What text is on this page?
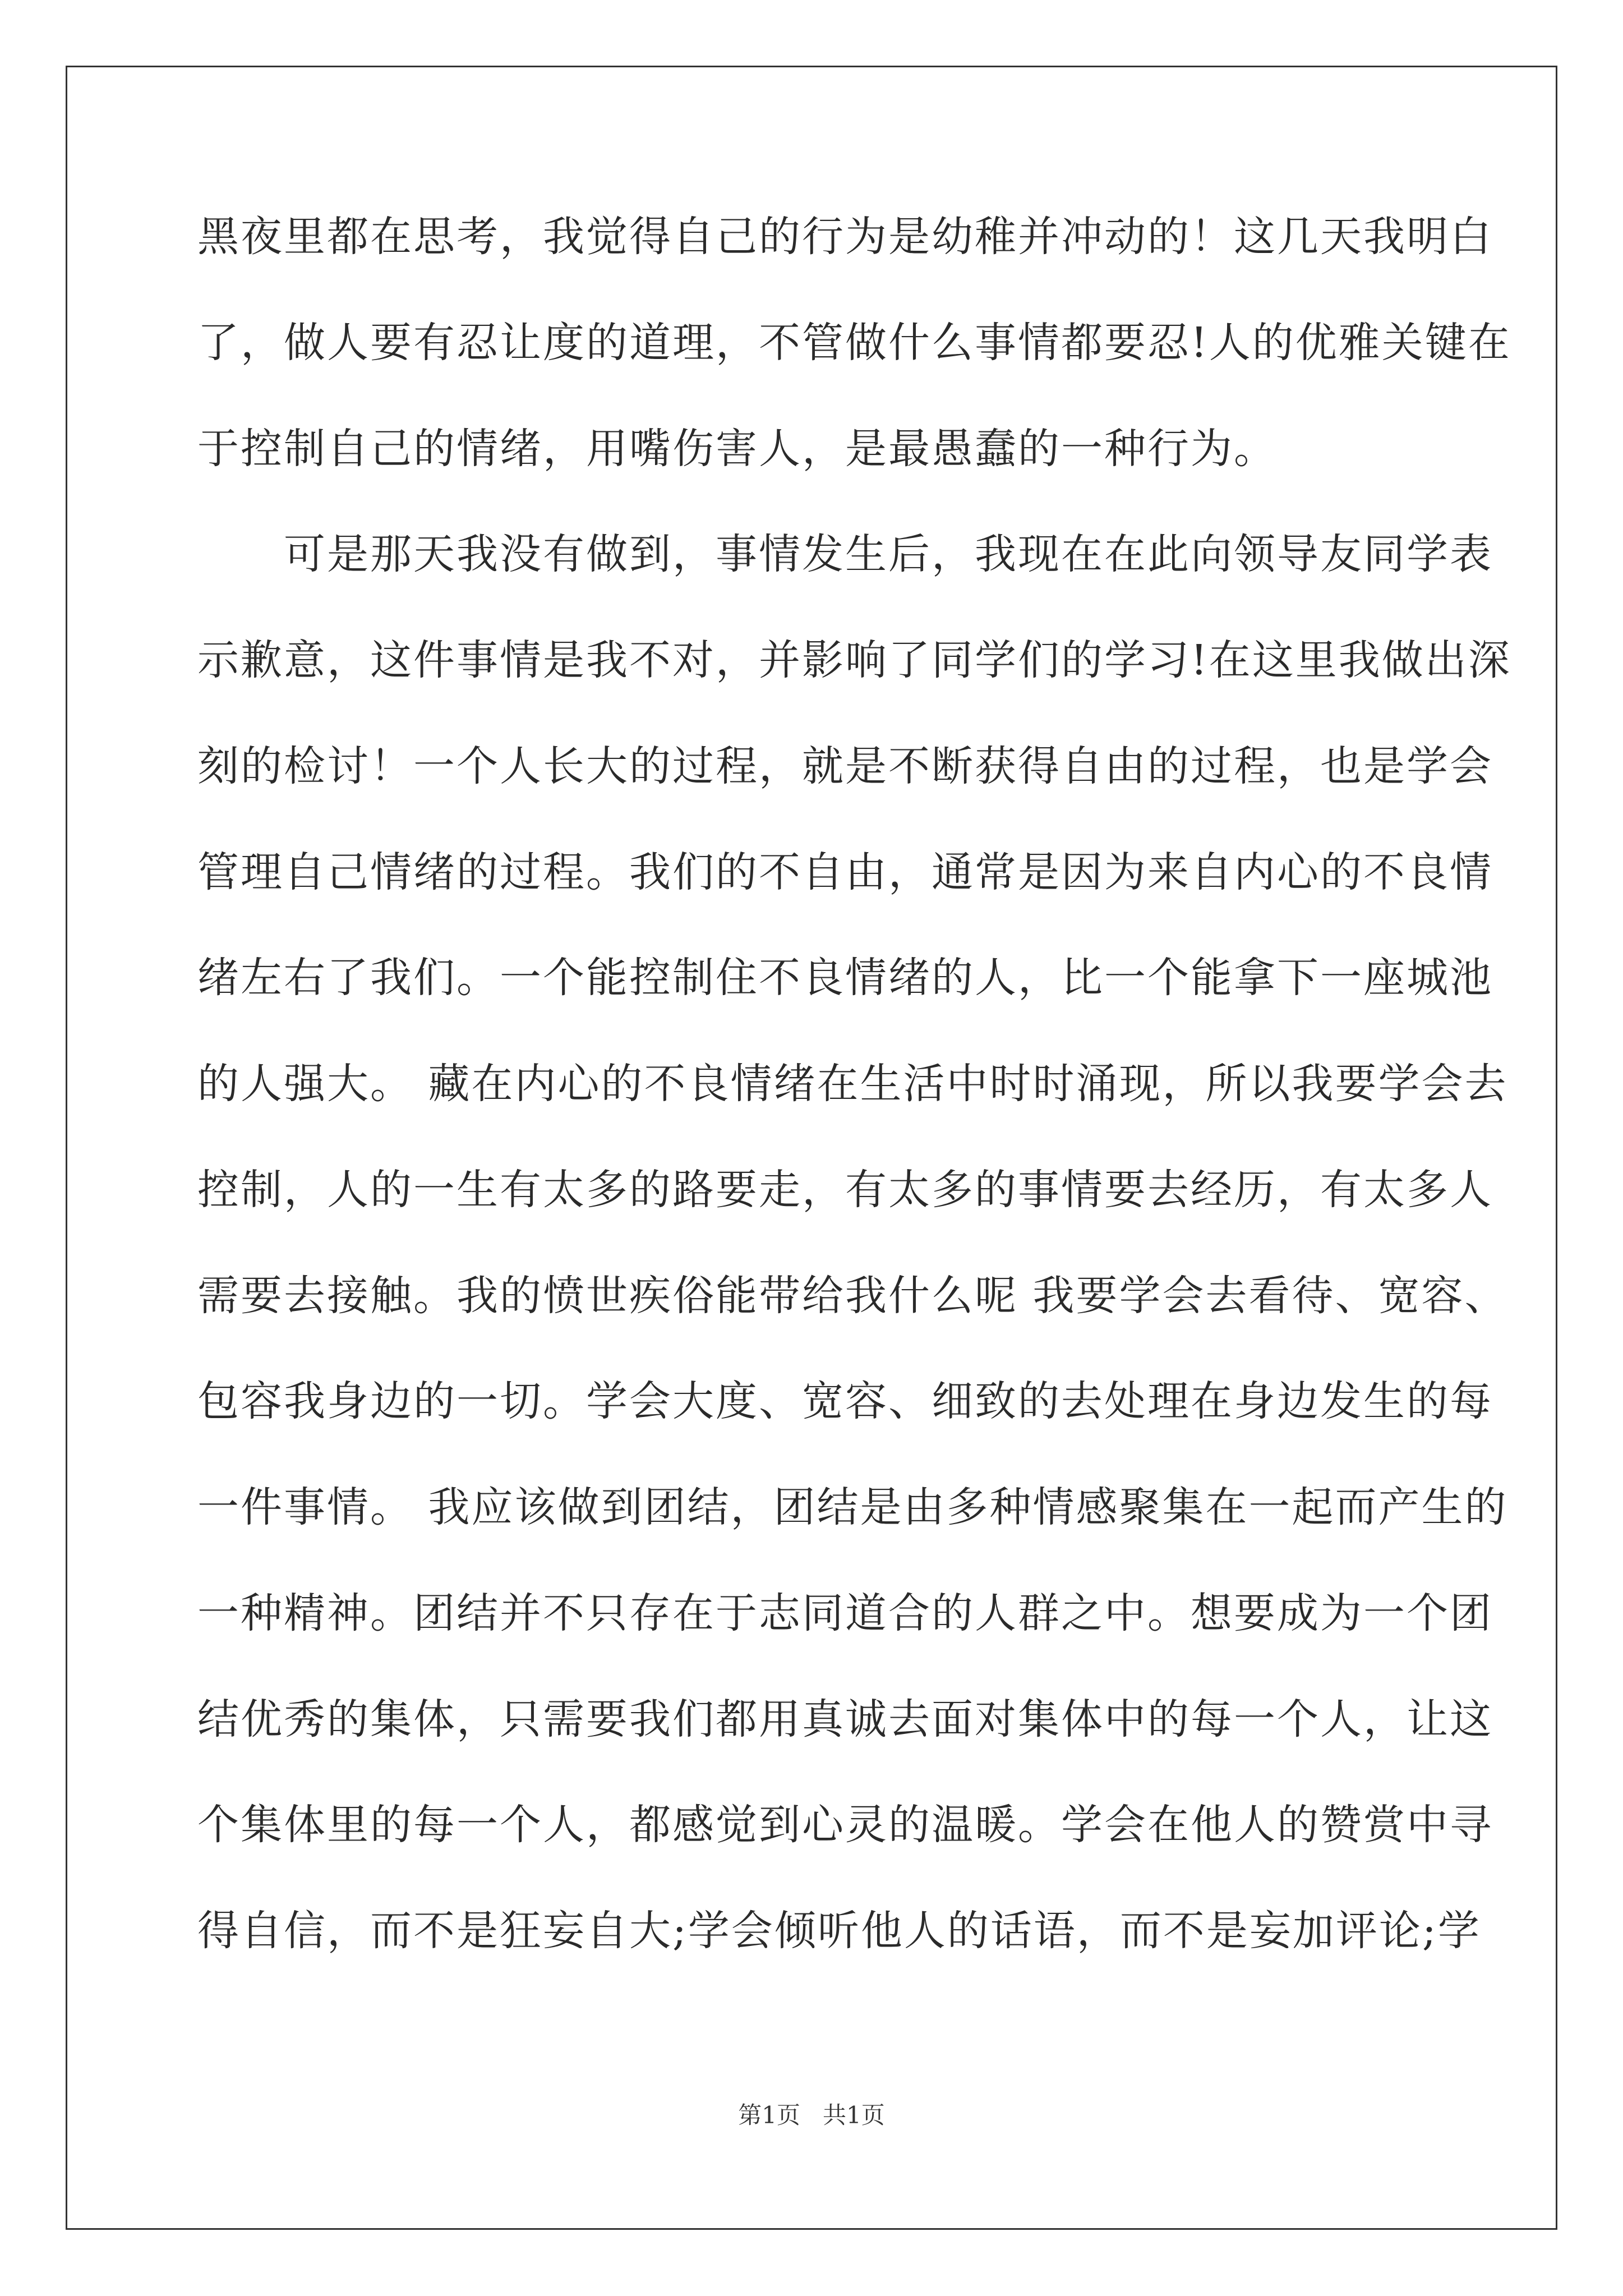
黑夜里都在思考，我觉得自己的行为是幼稚并冲动的！这几天我明白
了，做人要有忍让度的道理，不管做什么事情都要忍!人的优雅关键在
于控制自己的情绪，用嘴伤害人，是最愚蠢的一种行为。
　　可是那天我没有做到，事情发生后，我现在在此向领导友同学表
示歉意，这件事情是我不对，并影响了同学们的学习!在这里我做出深
刻的检讨！一个人长大的过程，就是不断获得自由的过程，也是学会
管理自己情绪的过程。我们的不自由，通常是因为来自内心的不良情
绪左右了我们。一个能控制住不良情绪的人，比一个能拿下一座城池
的人强大。 藏在内心的不良情绪在生活中时时涌现，所以我要学会去
控制，人的一生有太多的路要走，有太多的事情要去经历，有太多人
需要去接触。我的愤世疾俗能带给我什么呢 我要学会去看待、宽容、
包容我身边的一切。学会大度、宽容、细致的去处理在身边发生的每
一件事情。 我应该做到团结，团结是由多种情感聚集在一起而产生的
一种精神。团结并不只存在于志同道合的人群之中。想要成为一个团
结优秀的集体，只需要我们都用真诚去面对集体中的每一个人，让这
个集体里的每一个人，都感觉到心灵的温暖。学会在他人的赞赏中寻
得自信，而不是狂妄自大;学会倾听他人的话语，而不是妄加评论;学
第1页   共1页
